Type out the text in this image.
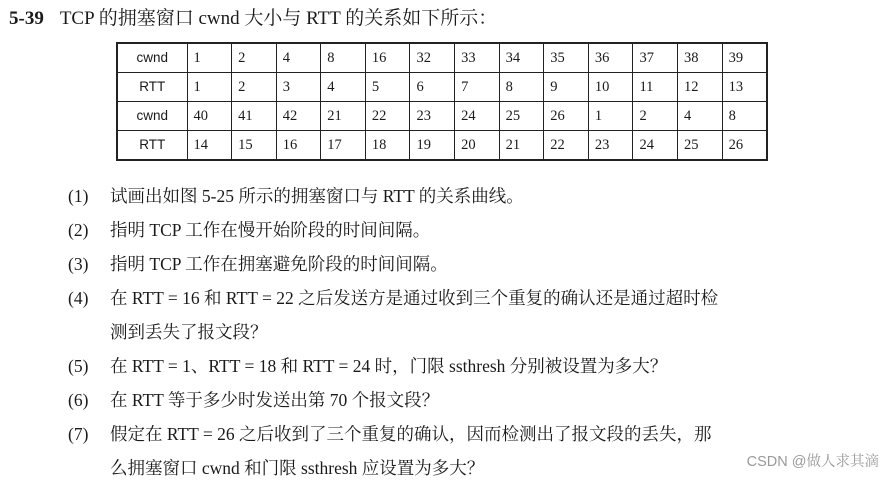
5-39 TCP 的拥塞窗口 cwnd 大小与 RTT 的关系如下所示：
cwnd	1	2	4	8	16	32	33	34	35	36	37	38	39
RTT	1	2	3	4	5	6	7	8	9	10	11	12	13
cwnd	40	41	42	21	22	23	24	25	26	1	2	4	8
RTT	14	15	16	17	18	19	20	21	22	23	24	25	26
(1)	试画出如图 5-25 所示的拥塞窗口与 RTT 的关系曲线。
(2)	指明 TCP 工作在慢开始阶段的时间间隔。
(3)	指明 TCP 工作在拥塞避免阶段的时间间隔。
(4)	在 RTT = 16 和 RTT = 22 之后发送方是通过收到三个重复的确认还是通过超时检
测到丢失了报文段？
(5)	在 RTT = 1、RTT = 18 和 RTT = 24 时，门限 ssthresh 分别被设置为多大？
(6)	在 RTT 等于多少时发送出第 70 个报文段？
(7)	假定在 RTT = 26 之后收到了三个重复的确认，因而检测出了报文段的丢失，那
么拥塞窗口 cwnd 和门限 ssthresh 应设置为多大？	CSDN @做人求其滴
